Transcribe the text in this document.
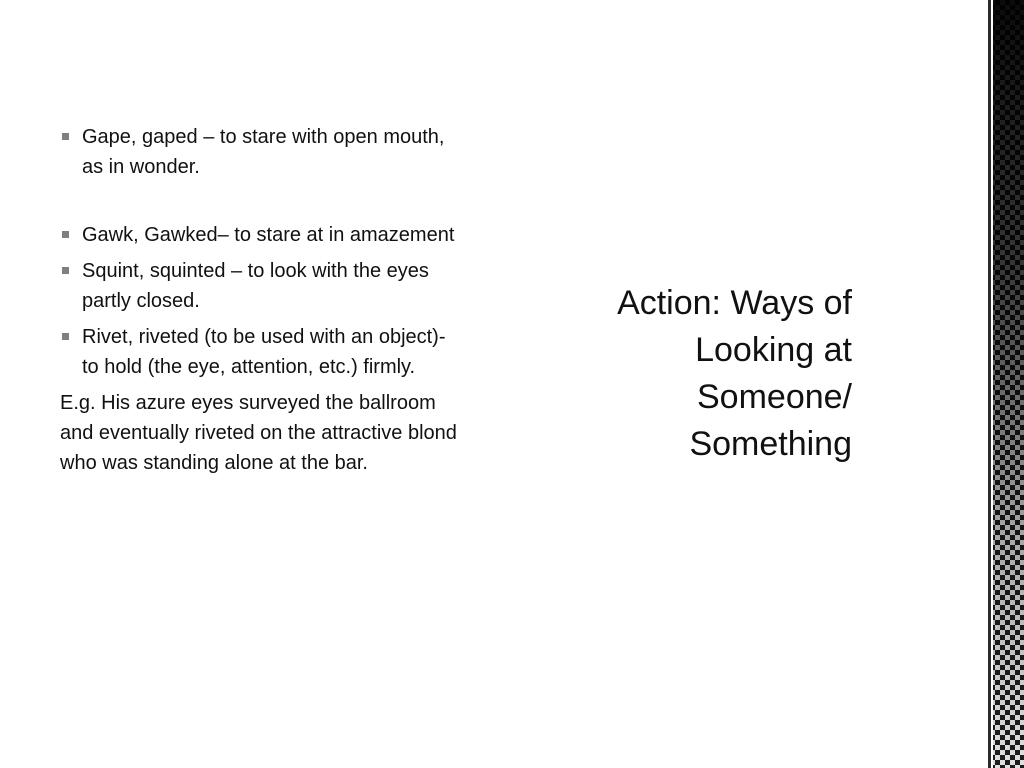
Gape, gaped – to stare with open mouth, as in wonder.
Gawk, Gawked– to stare at in amazement
Squint, squinted – to look with the eyes partly closed.
Rivet, riveted (to be used with an object)- to hold (the eye, attention, etc.) firmly.

E.g. His azure eyes surveyed the ballroom and eventually riveted on the attractive blond who was standing alone at the bar.

Action: Ways of Looking at Someone/ Something
